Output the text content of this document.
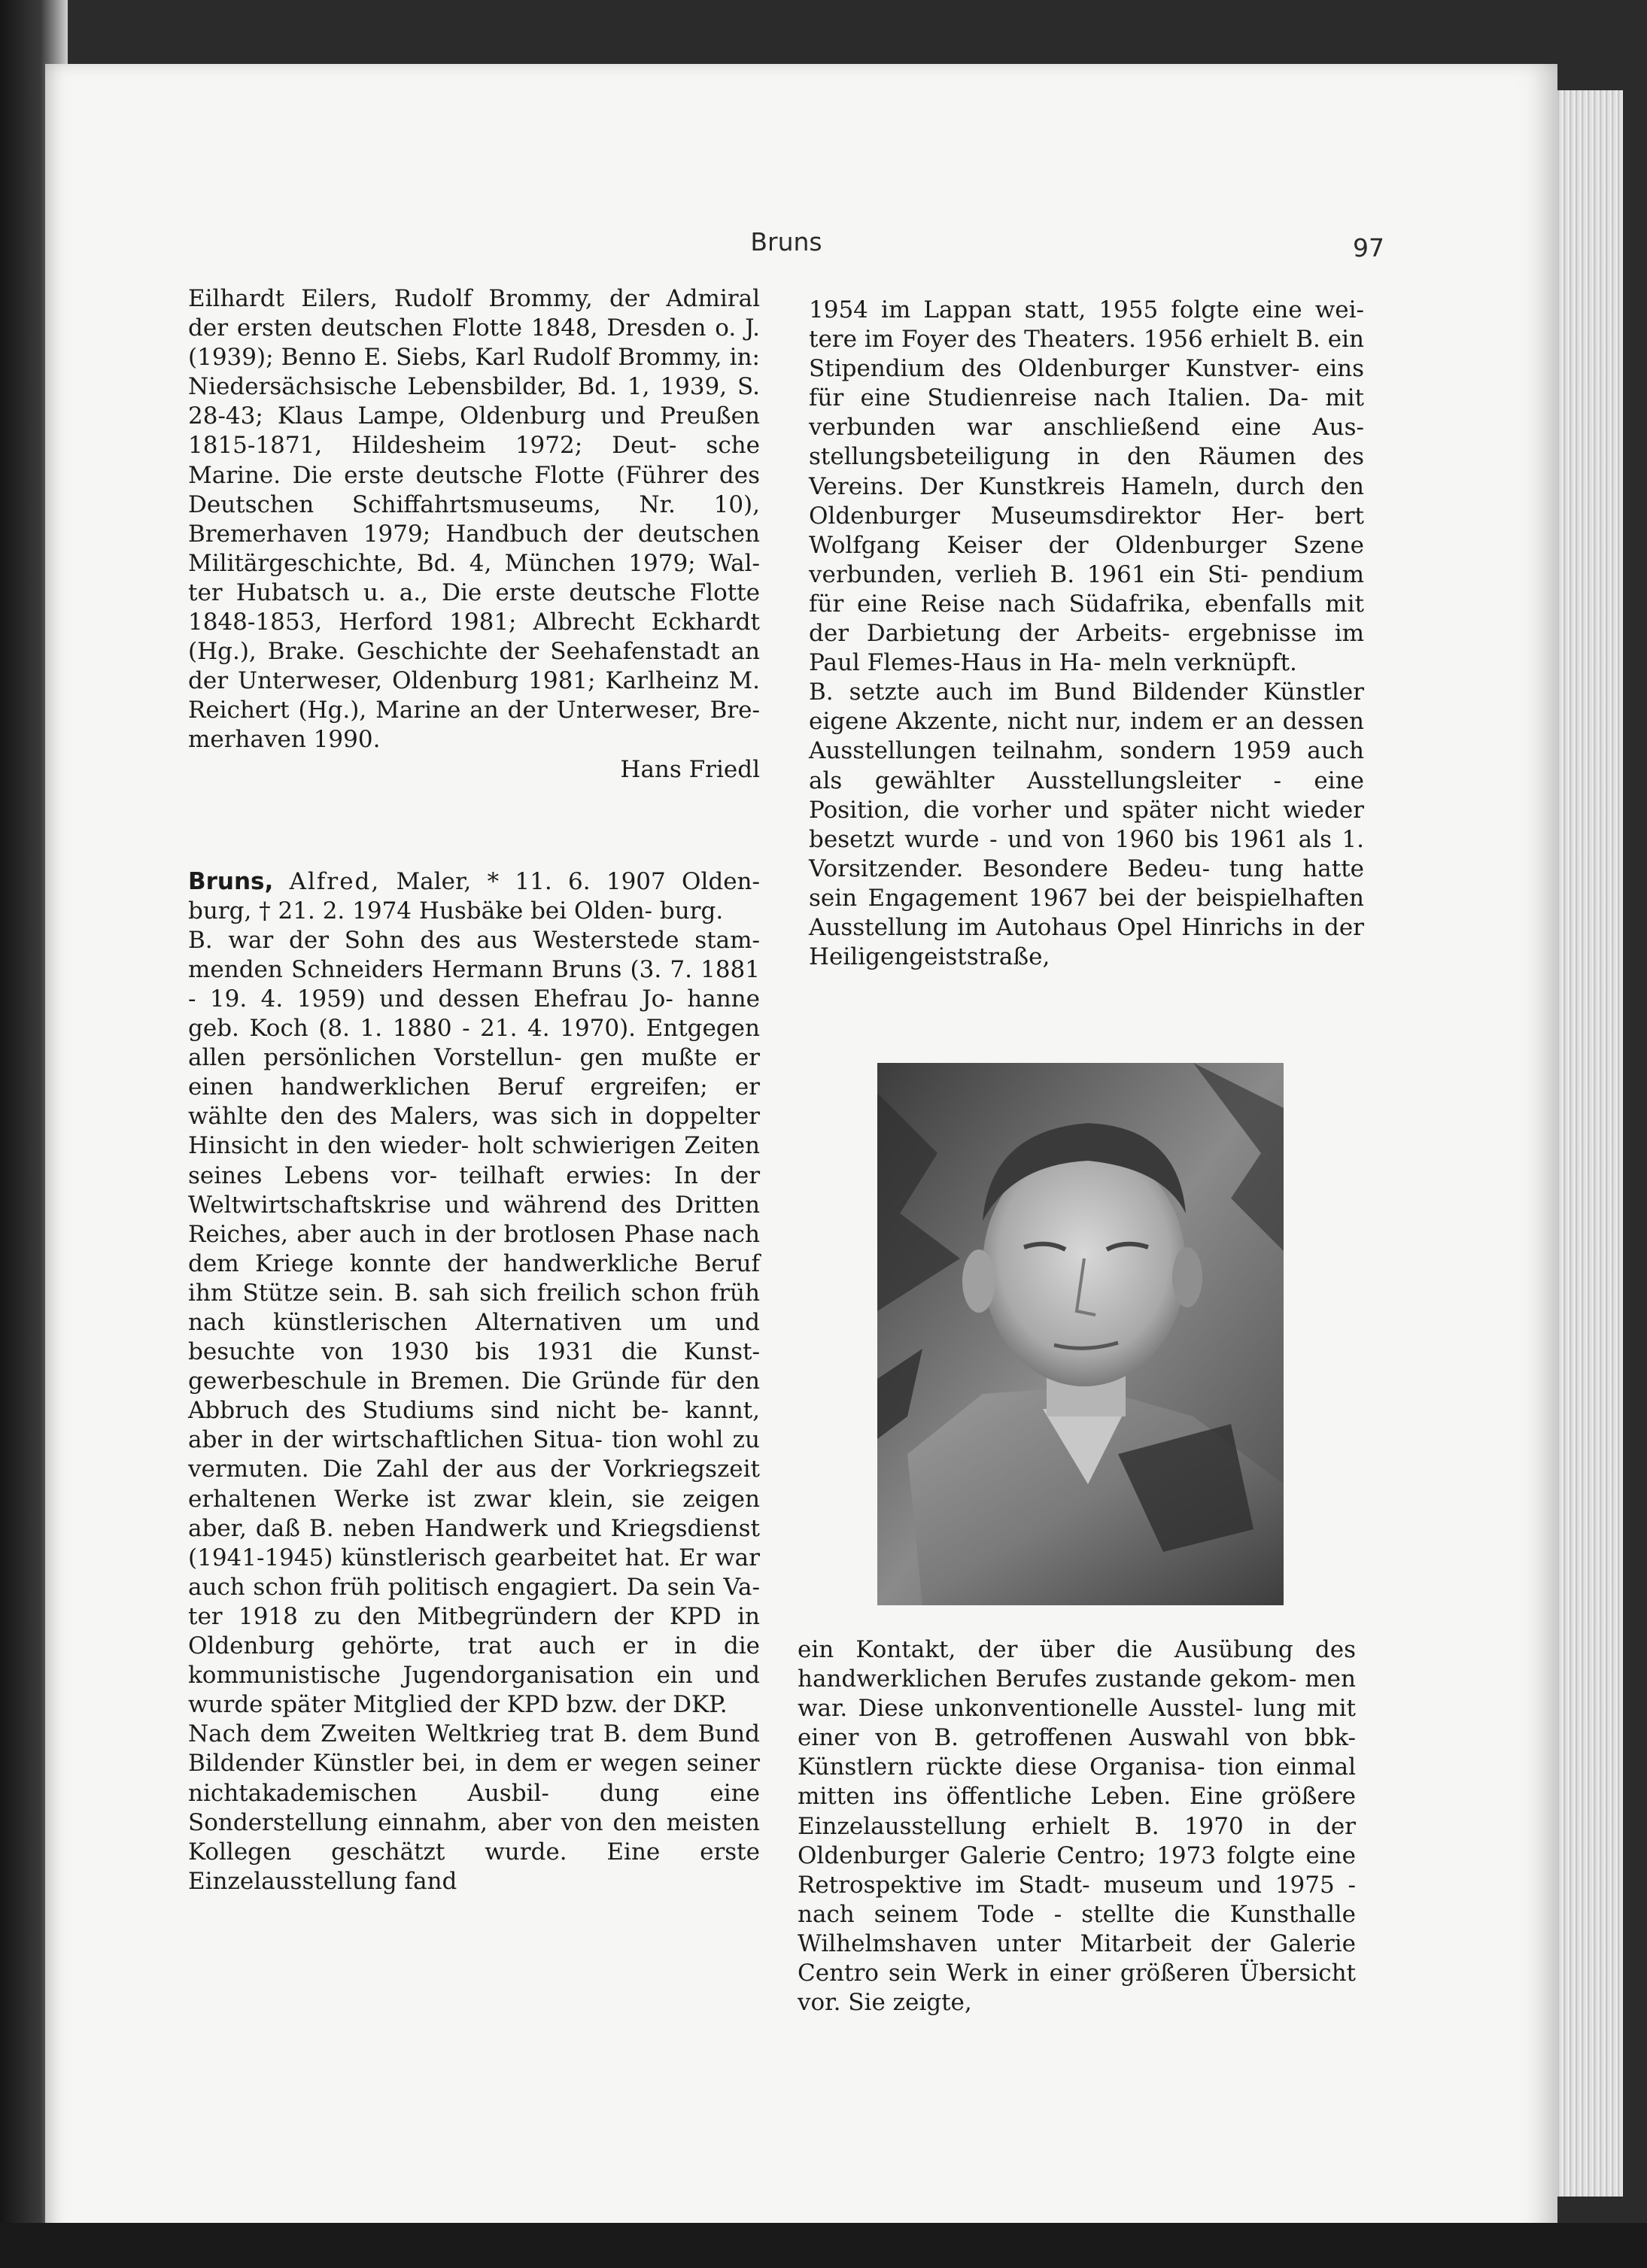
Bruns	97
Eilhardt Eilers, Rudolf Brommy, der Admiral der ersten deutschen Flotte 1848, Dresden o. J. (1939); Benno E. Siebs, Karl Rudolf Brommy, in: Niedersächsische Lebensbilder, Bd. 1, 1939, S. 28-43; Klaus Lampe, Oldenburg und Preußen 1815-1871, Hildesheim 1972; Deut- sche Marine. Die erste deutsche Flotte (Führer des Deutschen Schiffahrtsmuseums, Nr. 10), Bremerhaven 1979; Handbuch der deutschen Militärgeschichte, Bd. 4, München 1979; Wal- ter Hubatsch u. a., Die erste deutsche Flotte 1848-1853, Herford 1981; Albrecht Eckhardt (Hg.), Brake. Geschichte der Seehafenstadt an der Unterweser, Oldenburg 1981; Karlheinz M. Reichert (Hg.), Marine an der Unterweser, Bre- merhaven 1990.

Hans Friedl

Bruns, Alfred, Maler, * 11. 6. 1907 Olden- burg, † 21. 2. 1974 Husbäke bei Olden- burg.

B. war der Sohn des aus Westerstede stam- menden Schneiders Hermann Bruns (3. 7. 1881 - 19. 4. 1959) und dessen Ehefrau Jo- hanne geb. Koch (8. 1. 1880 - 21. 4. 1970). Entgegen allen persönlichen Vorstellun- gen mußte er einen handwerklichen Beruf ergreifen; er wählte den des Malers, was sich in doppelter Hinsicht in den wieder- holt schwierigen Zeiten seines Lebens vor- teilhaft erwies: In der Weltwirtschaftskrise und während des Dritten Reiches, aber auch in der brotlosen Phase nach dem Kriege konnte der handwerkliche Beruf ihm Stütze sein. B. sah sich freilich schon früh nach künstlerischen Alternativen um und besuchte von 1930 bis 1931 die Kunst- gewerbeschule in Bremen. Die Gründe für den Abbruch des Studiums sind nicht be- kannt, aber in der wirtschaftlichen Situa- tion wohl zu vermuten. Die Zahl der aus der Vorkriegszeit erhaltenen Werke ist zwar klein, sie zeigen aber, daß B. neben Handwerk und Kriegsdienst (1941-1945) künstlerisch gearbeitet hat. Er war auch schon früh politisch engagiert. Da sein Va- ter 1918 zu den Mitbegründern der KPD in Oldenburg gehörte, trat auch er in die kommunistische Jugendorganisation ein und wurde später Mitglied der KPD bzw. der DKP.

Nach dem Zweiten Weltkrieg trat B. dem Bund Bildender Künstler bei, in dem er wegen seiner nichtakademischen Ausbil- dung eine Sonderstellung einnahm, aber von den meisten Kollegen geschätzt wurde. Eine erste Einzelausstellung fand

1954 im Lappan statt, 1955 folgte eine wei- tere im Foyer des Theaters. 1956 erhielt B. ein Stipendium des Oldenburger Kunstver- eins für eine Studienreise nach Italien. Da- mit verbunden war anschließend eine Aus- stellungsbeteiligung in den Räumen des Vereins. Der Kunstkreis Hameln, durch den Oldenburger Museumsdirektor Her- bert Wolfgang Keiser der Oldenburger Szene verbunden, verlieh B. 1961 ein Sti- pendium für eine Reise nach Südafrika, ebenfalls mit der Darbietung der Arbeits- ergebnisse im Paul Flemes-Haus in Ha- meln verknüpft.

B. setzte auch im Bund Bildender Künstler eigene Akzente, nicht nur, indem er an dessen Ausstellungen teilnahm, sondern 1959 auch als gewählter Ausstellungsleiter - eine Position, die vorher und später nicht wieder besetzt wurde - und von 1960 bis 1961 als 1. Vorsitzender. Besondere Bedeu- tung hatte sein Engagement 1967 bei der beispielhaften Ausstellung im Autohaus Opel Hinrichs in der Heiligengeiststraße,

ein Kontakt, der über die Ausübung des handwerklichen Berufes zustande gekom- men war. Diese unkonventionelle Ausstel- lung mit einer von B. getroffenen Auswahl von bbk-Künstlern rückte diese Organisa- tion einmal mitten ins öffentliche Leben. Eine größere Einzelausstellung erhielt B. 1970 in der Oldenburger Galerie Centro; 1973 folgte eine Retrospektive im Stadt- museum und 1975 - nach seinem Tode - stellte die Kunsthalle Wilhelmshaven unter Mitarbeit der Galerie Centro sein Werk in einer größeren Übersicht vor. Sie zeigte,
